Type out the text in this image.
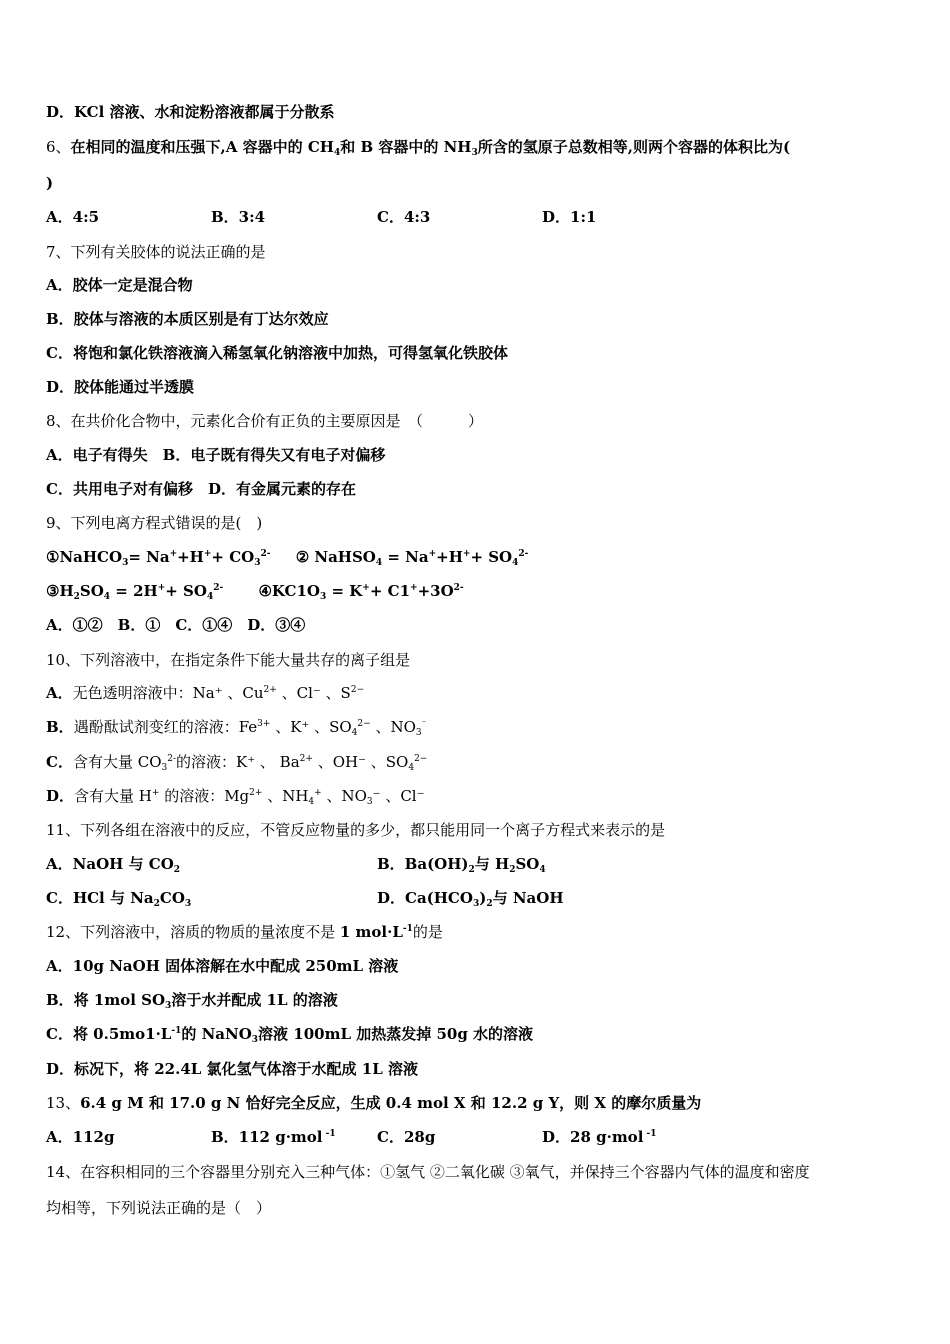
D．KCl 溶液、水和淀粉溶液都属于分散系
6、在相同的温度和压强下,A 容器中的 $CH_4$和 B 容器中的 $NH_3$所含的氢原子总数相等,则两个容器的体积比为(
)
A．4:5	B．3:4	C．4:3	D．1:1
7、下列有关胶体的说法正确的是
A．胶体一定是混合物
B．胶体与溶液的本质区别是有丁达尔效应
C．将饱和氯化铁溶液滴入稀氢氧化钠溶液中加热，可得氢氧化铁胶体
D．胶体能通过半透膜
8、在共价化合物中，元素化合价有正负的主要原因是　（　　　）
A．电子有得失　B．电子既有得失又有电子对偏移
C．共用电子对有偏移　D．有金属元素的存在
9、下列电离方程式错误的是(　)
①NaHCO$_3$= $Na^++H^++ CO_3^{2-}$ ② NaHSO$_4$ = $Na^++H^++ SO_4^{2-}$
$③H_2SO_4 = 2H^++ SO_4^{2-}$ $④KC1O_3 = K^++ C1^++3O^{2-}$
A．①②　B．①　C．①④　D．③④
10、下列溶液中，在指定条件下能大量共存的离子组是
A．无色透明溶液中：Na⁺ 、$Cu^{2+}$ 、Cl⁻ 、$S^{2-}$
B．遇酚酞试剂变红的溶液：$Fe^{3+}$ 、K⁺ 、$SO_4^{2-}$ 、$NO_3^{^-}$
C．含有大量 $CO_3^{2-}$的溶液：K⁺ 、 $Ba^{2+}$ 、OH⁻ 、$SO_4^{2-}$
D．含有大量 H+ 的溶液：$Mg^{2+}$ 、$NH_4^+$ 、$NO_3^-$ 、Cl⁻
11、下列各组在溶液中的反应，不管反应物量的多少，都只能用同一个离子方程式来表示的是
A．NaOH 与 $CO_2$	B．$Ba(OH)_2$与 $H_2SO_4$
C．HCl 与 $Na_2CO_3$	D．$Ca(HCO_3)_2$与 NaOH
12、下列溶液中，溶质的物质的量浓度不是 1 $mol\cdot L^{-1}$的是
A．10g NaOH 固体溶解在水中配成 250mL 溶液
B．将 1mol $SO_3$溶于水并配成 1L 的溶液
C．将 $0.5mo1\cdot L^{-1}$的 NaNO$_3$溶液 100mL 加热蒸发掉 50g 水的溶液
D．标况下，将 22.4L 氯化氢气体溶于水配成 1L 溶液
13、6.4 g M 和 17.0 g N 恰好完全反应，生成 0.4 mol X 和 12.2 g Y，则 X 的摩尔质量为
A．112g	B．112 g·mol $^{-1}$	C．28g	D．28 g·mol $^{-1}$
14、在容积相同的三个容器里分别充入三种气体：①氢气 ②二氧化碳 ③氧气，并保持三个容器内气体的温度和密度
均相等，下列说法正确的是（　）
